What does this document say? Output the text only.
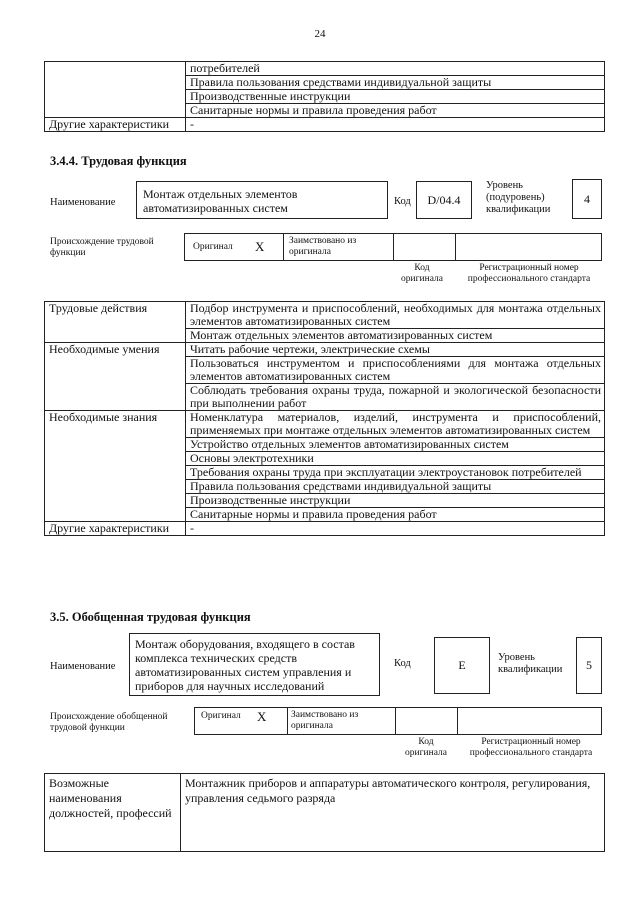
24
	потребителей
	Правила пользования средствами индивидуальной защиты
	Производственные инструкции
	Санитарные нормы и правила проведения работ
Другие характеристики	-
3.4.4. Трудовая функция
Наименование
Монтаж отдельных элементов автоматизированных систем	Код	D/04.4
Уровень (подуровень) квалификации
4
Происхождение трудовой функции
Оригинал X	Заимствовано из оригинала
Код оригинала
Регистрационный номер профессионального стандарта
Трудовые действия	Подбор инструмента и приспособлений, необходимых для монтажа отдельных элементов автоматизированных систем
	Монтаж отдельных элементов автоматизированных систем
Необходимые умения	Читать рабочие чертежи, электрические схемы
	Пользоваться инструментом и приспособлениями для монтажа отдельных элементов автоматизированных систем
	Соблюдать требования охраны труда, пожарной и экологической безопасности при выполнении работ
Необходимые знания	Номенклатура материалов, изделий, инструмента и приспособлений, применяемых при монтаже отдельных элементов автоматизированных систем
	Устройство отдельных элементов автоматизированных систем
	Основы электротехники
	Требования охраны труда при эксплуатации электроустановок потребителей
	Правила пользования средствами индивидуальной защиты
	Производственные инструкции
	Санитарные нормы и правила проведения работ
Другие характеристики	-
3.5. Обобщенная трудовая функция
Наименование
Монтаж оборудования, входящего в состав комплекса технических средств автоматизированных систем управления и приборов для научных исследований
Код	E
Уровень квалификации	5
Происхождение обобщенной трудовой функции
Оригинал X	Заимствовано из оригинала
Код оригинала
Регистрационный номер профессионального стандарта
Возможные наименования должностей, профессий	Монтажник приборов и аппаратуры автоматического контроля, регулирования, управления седьмого разряда
